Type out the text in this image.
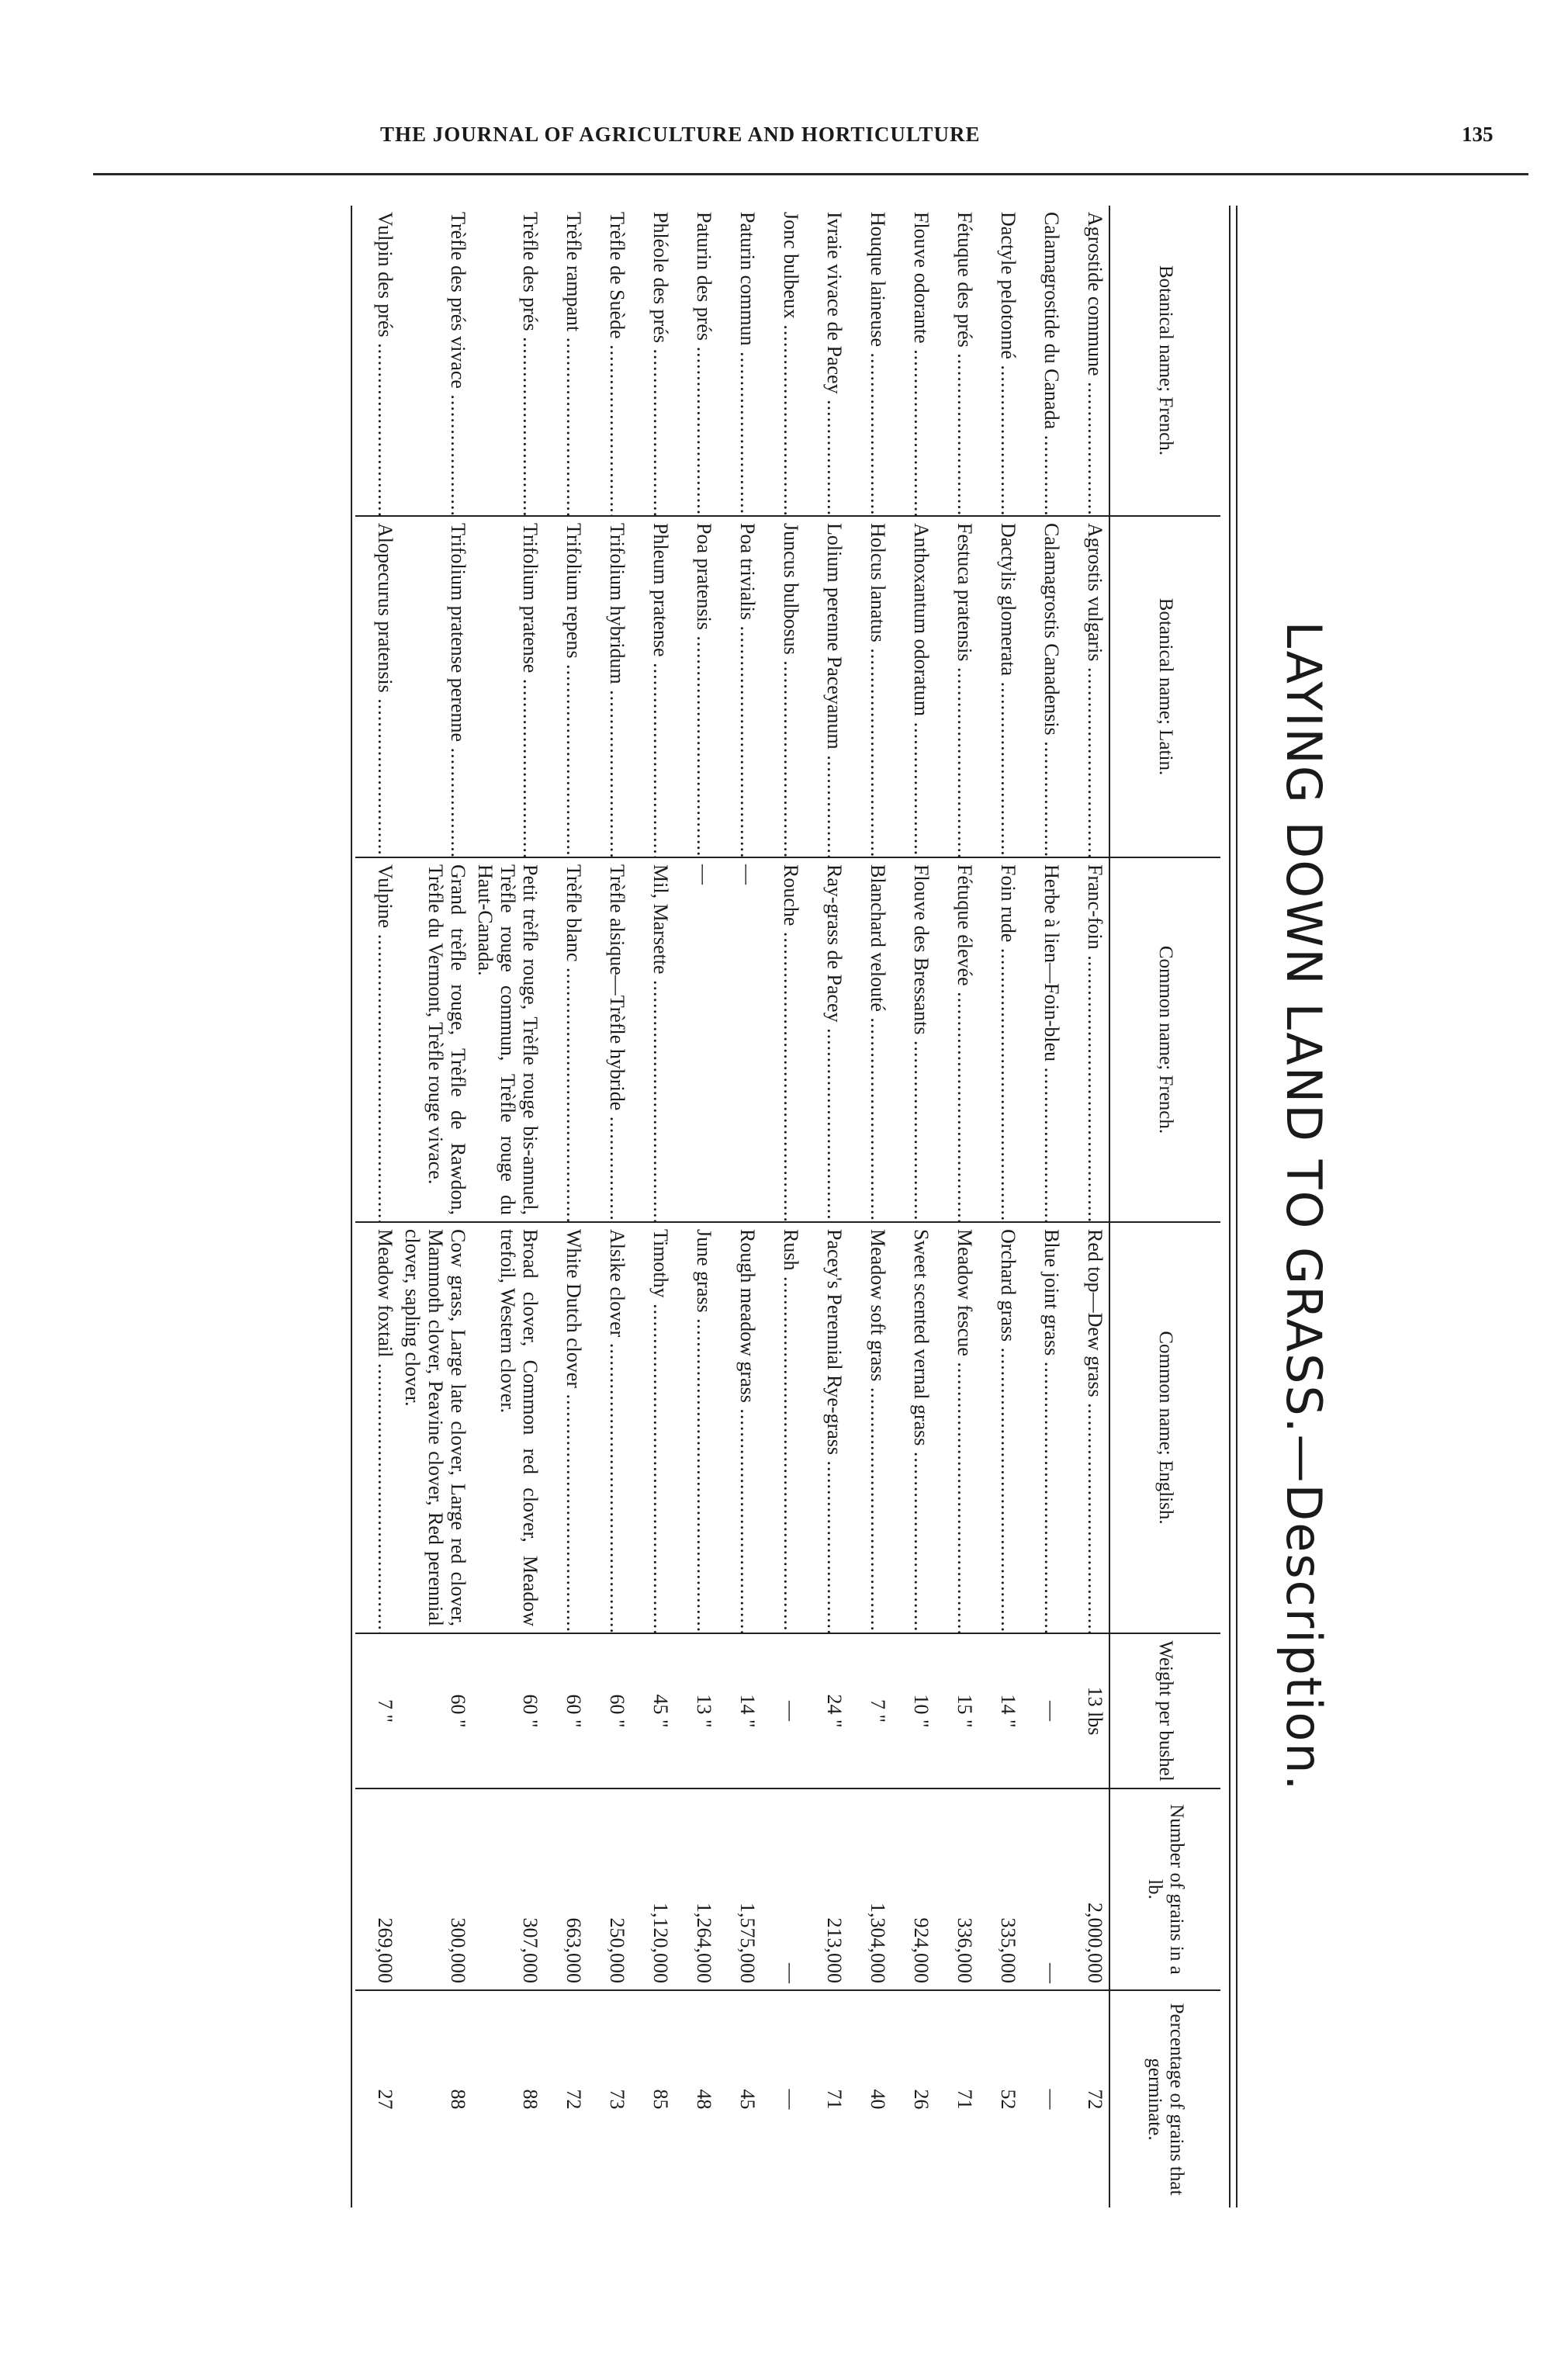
THE JOURNAL OF AGRICULTURE AND HORTICULTURE	135
LAYING DOWN LAND TO GRASS.—Description.
Botanical name; French.	Botanical name; Latin.	Common name; French.	Common name; English.	Weight per bushel	Number of grains in a lb.	Percentage of grains that germinate.
Agrostide commune .....	Agrostis vulgaris .....	Franc-foin .....	Red top—Dew grass .....	13 lbs	2,000,000	72
Calamagrostide du Canada .....	Calamagrostis Canadensis .....	Herbe à lien—Foin-bleu .....	Blue joint grass .....	—	—	—
Dactyle pelotonné .....	Dactylis glomerata .....	Foin rude .....	Orchard grass .....	14 "	335,000	52
Fétuque des prés .....	Festuca pratensis .....	Fétuque élevée .....	Meadow fescue .....	15 "	336,000	71
Flouve odorante .....	Anthoxantum odoratum .....	Flouve des Bressants .....	Sweet scented vernal grass .....	10 "	924,000	26
Houque laineuse .....	Holcus lanatus .....	Blanchard velouté .....	Meadow soft grass .....	7 "	1,304,000	40
Ivraie vivace de Pacey .....	Lolium perenne Paceyanum .....	Ray-grass de Pacey .....	Pacey's Perennial Rye-grass .....	24 "	213,000	71
Jonc bulbeux .....	Juncus bulbosus .....	Rouche .....	Rush .....	—	—	—
Paturin commun .....	Poa trivialis .....	—	Rough meadow grass .....	14 "	1,575,000	45
Paturin des prés .....	Poa pratensis .....	—	June grass .....	13 "	1,264,000	48
Phléole des prés .....	Phleum pratense .....	Mil, Marsette .....	Timothy .....	45 "	1,120,000	85
Trèfle de Suède .....	Trifolium hybridum .....	Trèfle alsique—Trèfle hybride .....	Alsike clover .....	60 "	250,000	73
Trèfle rampant .....	Trifolium repens .....	Trèfle blanc .....	White Dutch clover .....	60 "	663,000	72
Trèfle des prés .....	Trifolium pratense .....	Petit trèfle rouge, Trèfle rouge bis-annuel, Trèfle rouge commun, Trèfle rouge du Haut-Canada.	Broad clover, Common red clover, Meadow trefoil, Western clover.	60 "	307,000	88
Trèfle des prés vivace .....	Trifolium pratense perenne .....	Grand trèfle rouge, Trèfle de Rawdon, Trèfle du Vermont, Trèfle rouge vivace.	Cow grass, Large late clover, Large red clover, Mammoth clover, Peavine clover, Red perennial clover, sapling clover.	60 "	300,000	88
Vulpin des prés .....	Alopecurus pratensis .....	Vulpine .....	Meadow foxtail .....	7 "	269,000	27
